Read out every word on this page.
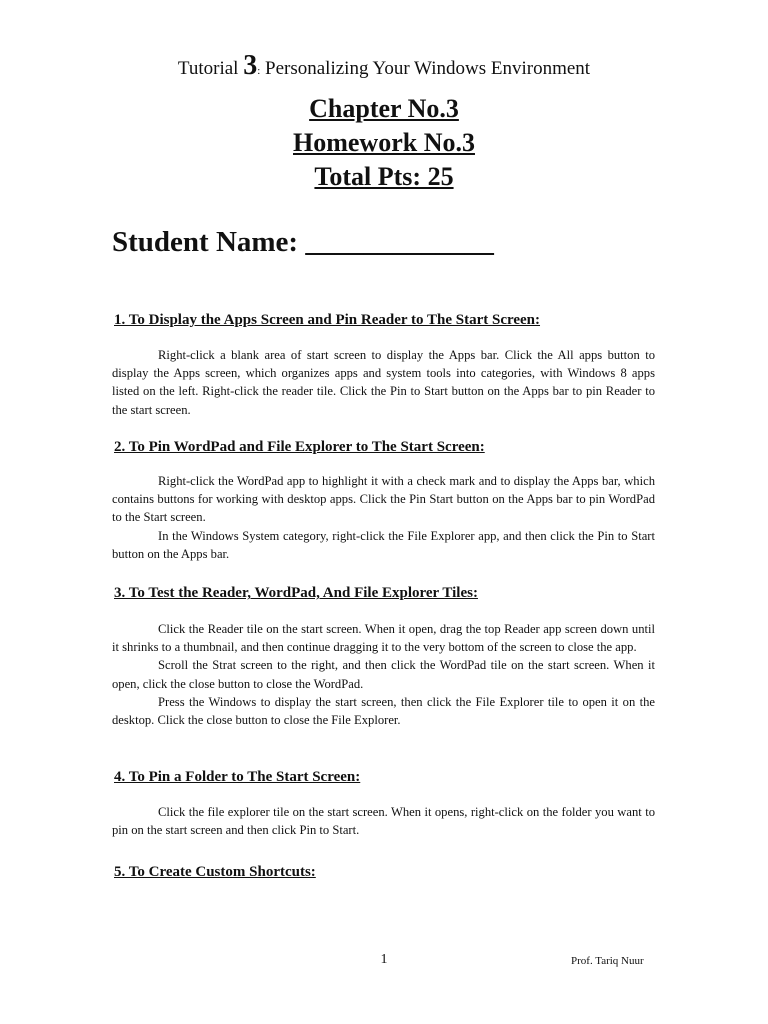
Tutorial 3: Personalizing Your Windows Environment
Chapter No.3
Homework No.3
Total Pts: 25
Student Name: _____________
1. To Display the Apps Screen and Pin Reader to The Start Screen:

Right-click a blank area of start screen to display the Apps bar. Click the All apps button to display the Apps screen, which organizes apps and system tools into categories, with Windows 8 apps listed on the left. Right-click the reader tile. Click the Pin to Start button on the Apps bar to pin Reader to the start screen.

2. To Pin WordPad and File Explorer to The Start Screen:

Right-click the WordPad app to highlight it with a check mark and to display the Apps bar, which contains buttons for working with desktop apps. Click the Pin Start button on the Apps bar to pin WordPad to the Start screen.

In the Windows System category, right-click the File Explorer app, and then click the Pin to Start button on the Apps bar.

3. To Test the Reader, WordPad, And File Explorer Tiles:

Click the Reader tile on the start screen. When it open, drag the top Reader app screen down until it shrinks to a thumbnail, and then continue dragging it to the very bottom of the screen to close the app.

Scroll the Strat screen to the right, and then click the WordPad tile on the start screen. When it open, click the close button to close the WordPad.

Press the Windows to display the start screen, then click the File Explorer tile to open it on the desktop. Click the close button to close the File Explorer.

4. To Pin a Folder to The Start Screen:

Click the file explorer tile on the start screen. When it opens, right-click on the folder you want to pin on the start screen and then click Pin to Start.

5. To Create Custom Shortcuts:
1	Prof. Tariq Nuur
